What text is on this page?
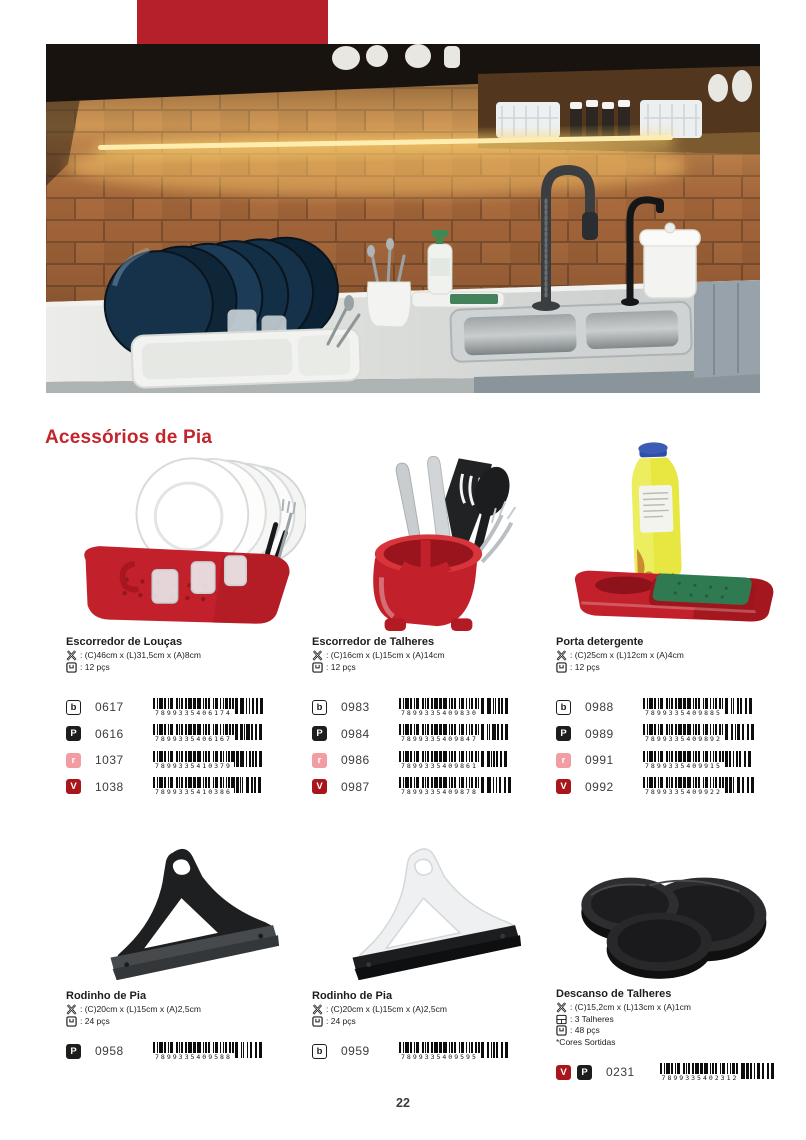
Acessórios de Pia
Escorredor de Louças
: (C)46cm x (L)31,5cm x (A)8cm
: 12 pçs
b	0617	7899335406174
P	0616	7899335406167
r	1037	7899335410379
V	1038	7899335410386
Escorredor de Talheres
: (C)16cm x (L)15cm x (A)14cm
: 12 pçs
b	0983	7899335409830
P	0984	7899335409847
r	0986	7899335409861
V	0987	7899335409878
Porta detergente
: (C)25cm x (L)12cm x (A)4cm
: 12 pçs
b	0988	7899335409885
P	0989	7899335409892
r	0991	7899335409915
V	0992	7899335409922
Rodinho de Pia
: (C)20cm x (L)15cm x (A)2,5cm
: 24 pçs
P	0958	7899335409588
Rodinho de Pia
: (C)20cm x (L)15cm x (A)2,5cm
: 24 pçs
b	0959	7899335409595
Descanso de Talheres
: (C)15,2cm x (L)13cm x (A)1cm
: 3 Talheres
: 48 pçs
*Cores Sortidas
V	P	0231	7899335402312
22
